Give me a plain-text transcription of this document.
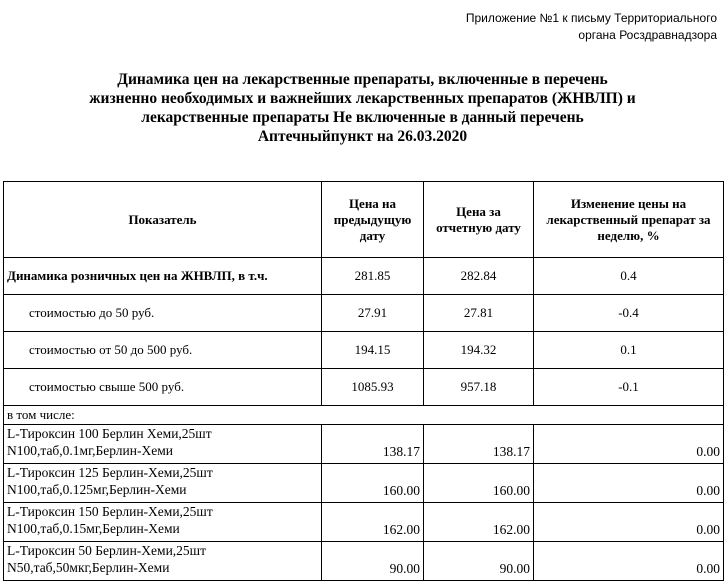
Приложение №1 к письму Территориального
органа Росздравнадзора
Динамика цен на лекарственные препараты, включенные в перечень
жизненно необходимых и важнейших лекарственных препаратов (ЖНВЛП) и
лекарственные препараты Не включенные в данный перечень
Аптечныйпункт на 26.03.2020
Показатель	Цена на предыдущую дату	Цена за отчетную дату	Изменение цены на лекарственный препарат за неделю, %
Динамика розничных цен на ЖНВЛП, в т.ч.	281.85	282.84	0.4
стоимостью до 50 руб.	27.91	27.81	-0.4
стоимостью от 50 до 500 руб.	194.15	194.32	0.1
стоимостью свыше 500 руб.	1085.93	957.18	-0.1
в том числе:			

L-Тироксин 100 Берлин Хеми,25шт
N100,таб,0.1мг,Берлин-Хеми	138.17	138.17	0.00

L-Тироксин 125 Берлин-Хеми,25шт
N100,таб,0.125мг,Берлин-Хеми	160.00	160.00	0.00

L-Тироксин 150 Берлин-Хеми,25шт
N100,таб,0.15мг,Берлин-Хеми	162.00	162.00	0.00

L-Тироксин 50 Берлин-Хеми,25шт
N50,таб,50мкг,Берлин-Хеми	90.00	90.00	0.00
